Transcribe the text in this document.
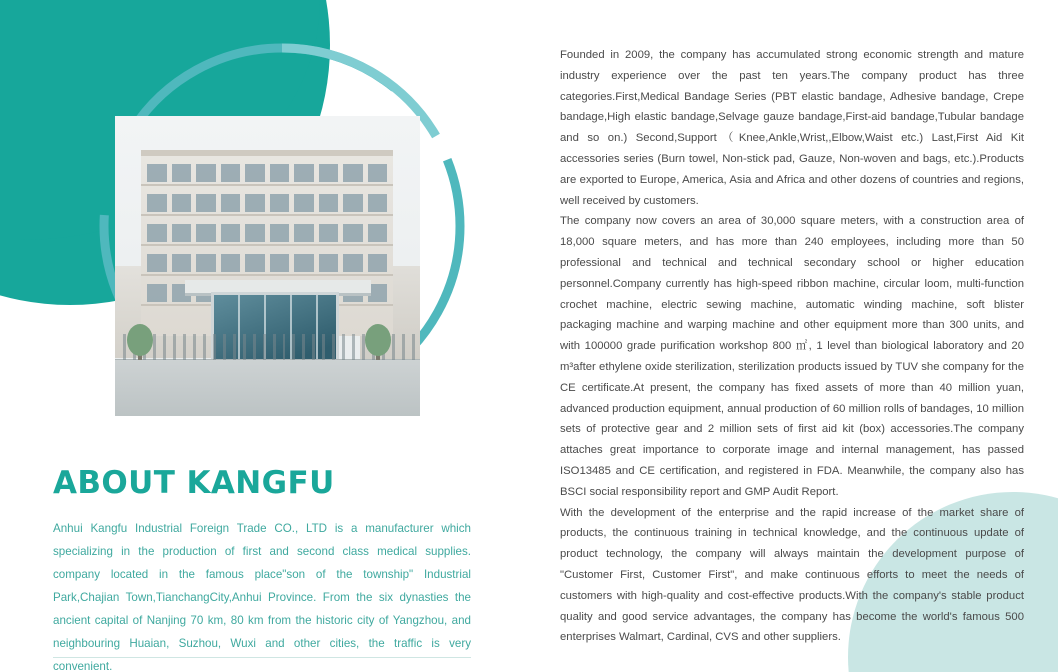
ABOUT KANGFU

Anhui Kangfu Industrial Foreign Trade CO., LTD is a manufacturer which specializing in the production of first and second class medical supplies. company located in the famous place"son of the township" Industrial Park,Chajian Town,TianchangCity,Anhui Province. From the six dynasties the ancient capital of Nanjing 70 km, 80 km from the historic city of Yangzhou, and neighbouring Huaian, Suzhou, Wuxi and other cities, the traffic is very convenient.

Founded in 2009, the company has accumulated strong economic strength and mature industry experience over the past ten years.The company product has three categories.First,Medical Bandage Series (PBT elastic bandage, Adhesive bandage, Crepe bandage,High elastic bandage,Selvage gauze bandage,First-aid bandage,Tubular bandage and so on.) Second,Support（Knee,Ankle,Wrist,,Elbow,Waist etc.) Last,First Aid Kit accessories series (Burn towel, Non-stick pad, Gauze, Non-woven and bags, etc.).Products are exported to Europe, America, Asia and Africa and other dozens of countries and regions, well received by customers.

The company now covers an area of 30,000 square meters, with a construction area of 18,000 square meters, and has more than 240 employees, including more than 50 professional and technical and technical secondary school or higher education personnel.Company currently has high-speed ribbon machine, circular loom, multi-function crochet machine, electric sewing machine, automatic winding machine, soft blister packaging machine and warping machine and other equipment more than 300 units, and with 100000 grade purification workshop 800 ㎡, 1 level than biological laboratory and 20 m³after ethylene oxide sterilization, sterilization products issued by TUV she company for the CE certificate.At present, the company has fixed assets of more than 40 million yuan, advanced production equipment, annual production of 60 million rolls of bandages, 10 million sets of protective gear and 2 million sets of first aid kit (box) accessories.The company attaches great importance to corporate image and internal management, has passed ISO13485 and CE certification, and registered in FDA. Meanwhile, the company also has BSCI social responsibility report and GMP Audit Report.

With the development of the enterprise and the rapid increase of the market share of products, the continuous training in technical knowledge, and the continuous update of product technology, the company will always maintain the development purpose of "Customer First, Customer First", and make continuous efforts to meet the needs of customers with high-quality and cost-effective products.With the company's stable product quality and good service advantages, the company has become the world's famous 500 enterprises Walmart, Cardinal, CVS and other suppliers.
